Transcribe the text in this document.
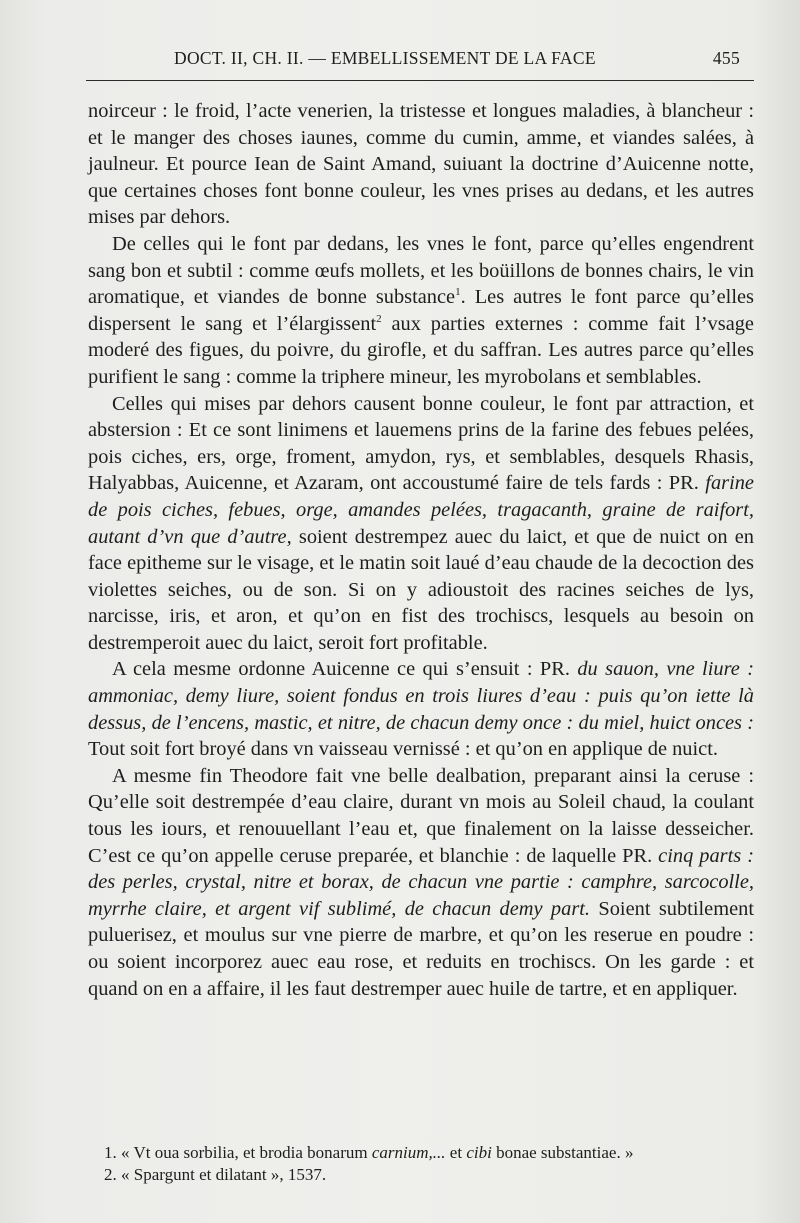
DOCT. II, CH. II. — EMBELLISSEMENT DE LA FACE	455

noirceur : le froid, l’acte venerien, la tristesse et longues maladies, à blancheur : et le manger des choses iaunes, comme du cumin, amme, et viandes salées, à jaulneur. Et pource Iean de Saint Amand, suiuant la doctrine d’Auicenne notte, que certaines choses font bonne couleur, les vnes prises au dedans, et les autres mises par dehors.

De celles qui le font par dedans, les vnes le font, parce qu’elles engendrent sang bon et subtil : comme œufs mollets, et les boüillons de bonnes chairs, le vin aromatique, et viandes de bonne substance$^1$. Les autres le font parce qu’elles dispersent le sang et l’élargissent$^2$ aux parties externes : comme fait l’vsage moderé des figues, du poivre, du girofle, et du saffran. Les autres parce qu’elles purifient le sang : comme la triphere mineur, les myrobolans et semblables.

Celles qui mises par dehors causent bonne couleur, le font par attraction, et abstersion : Et ce sont linimens et lauemens prins de la farine des febues pelées, pois ciches, ers, orge, froment, amydon, rys, et semblables, desquels Rhasis, Halyabbas, Auicenne, et Azaram, ont accoustumé faire de tels fards : PR. farine de pois ciches, febues, orge, amandes pelées, tragacanth, graine de raifort, autant d’vn que d’autre, soient destrempez auec du laict, et que de nuict on en face epitheme sur le visage, et le matin soit laué d’eau chaude de la decoction des violettes seiches, ou de son. Si on y adioustoit des racines seiches de lys, narcisse, iris, et aron, et qu’on en fist des trochiscs, lesquels au besoin on destremperoit auec du laict, seroit fort profitable.

A cela mesme ordonne Auicenne ce qui s’ensuit : PR. du sauon, vne liure : ammoniac, demy liure, soient fondus en trois liures d’eau : puis qu’on iette là dessus, de l’encens, mastic, et nitre, de chacun demy once : du miel, huict onces : Tout soit fort broyé dans vn vaisseau vernissé : et qu’on en applique de nuict.

A mesme fin Theodore fait vne belle dealbation, preparant ainsi la ceruse : Qu’elle soit destrempée d’eau claire, durant vn mois au Soleil chaud, la coulant tous les iours, et renouuellant l’eau et, que finalement on la laisse desseicher. C’est ce qu’on appelle ceruse preparée, et blanchie : de laquelle PR. cinq parts : des perles, crystal, nitre et borax, de chacun vne partie : camphre, sarcocolle, myrrhe claire, et argent vif sublimé, de chacun demy part. Soient subtilement puluerisez, et moulus sur vne pierre de marbre, et qu’on les reserue en poudre : ou soient incorporez auec eau rose, et reduits en trochiscs. On les garde : et quand on en a affaire, il les faut destremper auec huile de tartre, et en appliquer.

1. « Vt oua sorbilia, et brodia bonarum carnium,... et cibi bonae substantiae. »
2. « Spargunt et dilatant », 1537.
